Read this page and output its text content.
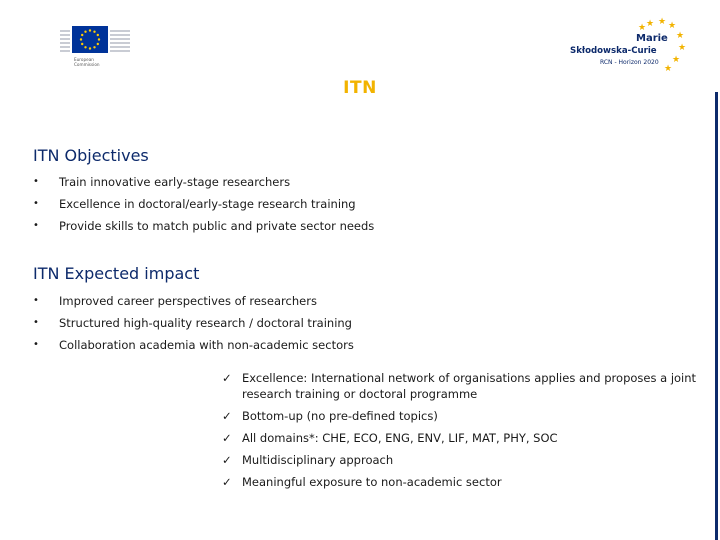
European
Commission
★ ★ ★
★
★
★
★
★
Marie
Skłodowska-Curie
RCN - Horizon 2020
ITN
ITN Objectives
• Train innovative early-stage researchers
• Excellence in doctoral/early-stage research training
• Provide skills to match public and private sector needs
ITN Expected impact
• Improved career perspectives of researchers
• Structured high-quality research / doctoral training
• Collaboration academia with non-academic sectors
✓ Excellence: International network of organisations applies and proposes a joint research training or doctoral programme
✓ Bottom-up (no pre-defined topics)
✓ All domains*: CHE, ECO, ENG, ENV, LIF, MAT, PHY, SOC
✓ Multidisciplinary approach
✓ Meaningful exposure to non-academic sector
